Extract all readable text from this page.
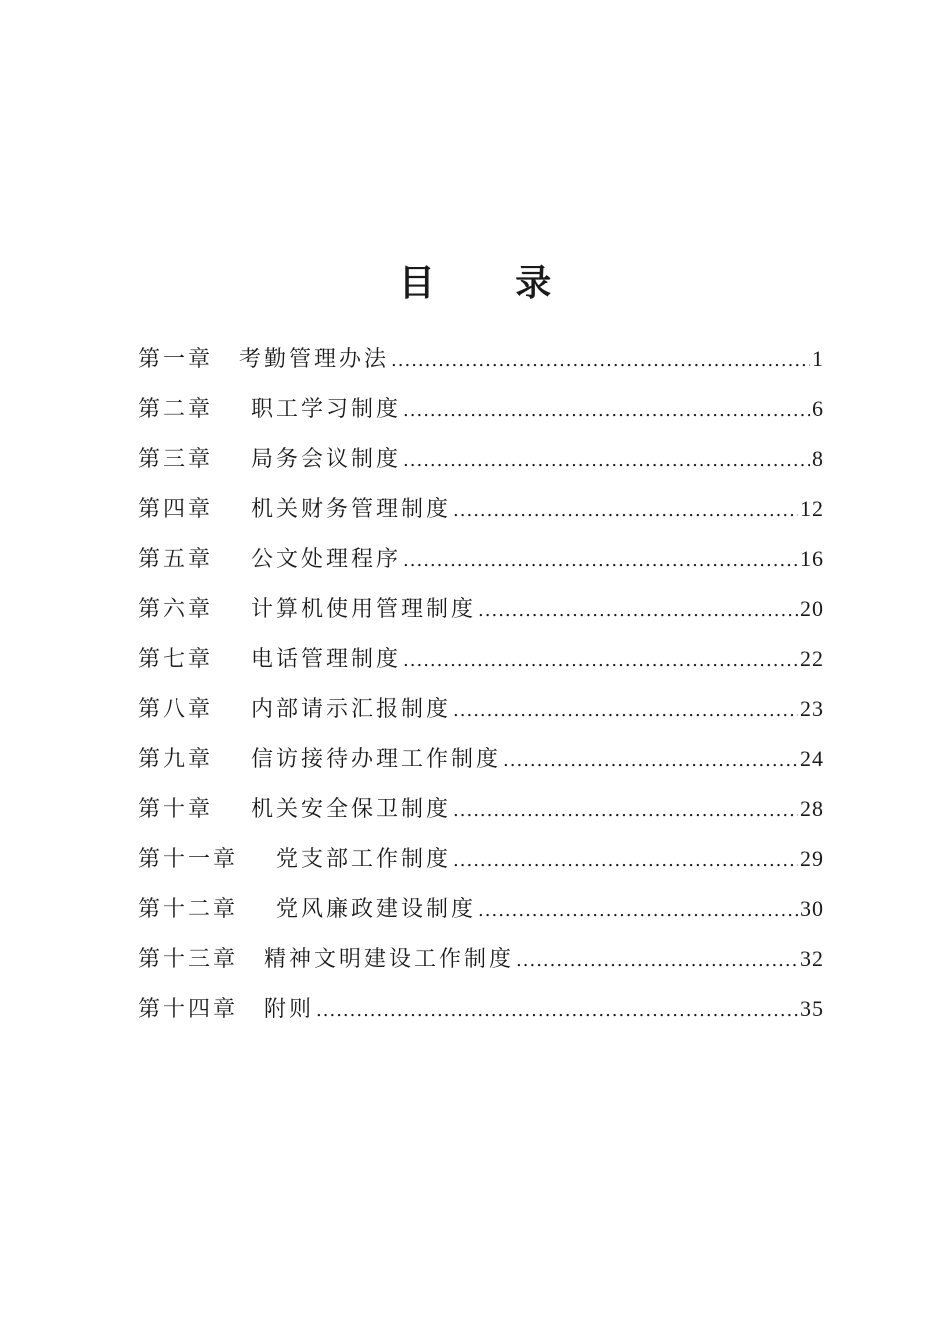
目 录
第一章 考勤管理办法 .....	1
第二章 职工学习制度 .....	6
第三章 局务会议制度 .....	8
第四章 机关财务管理制度 .....	12
第五章 公文处理程序 .....	16
第六章 计算机使用管理制度 .....	20
第七章 电话管理制度 .....	22
第八章 内部请示汇报制度 .....	23
第九章 信访接待办理工作制度 .....	24
第十章 机关安全保卫制度 .....	28
第十一章 党支部工作制度 .....	29
第十二章 党风廉政建设制度 .....	30
第十三章 精神文明建设工作制度 .....	32
第十四章 附则 .....	35
